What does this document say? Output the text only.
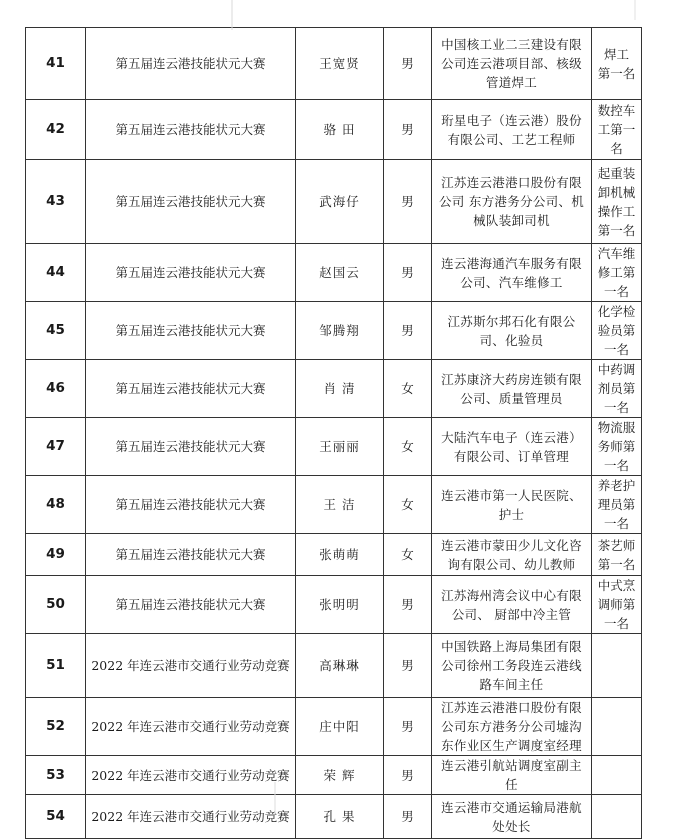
41	第五届连云港技能状元大赛	王宽贤	男	中国核工业二三建设有限公司连云港项目部、核级管道焊工	焊工 第一名
42	第五届连云港技能状元大赛	骆 田	男	珩星电子（连云港）股份有限公司、工艺工程师	数控车工第一名
43	第五届连云港技能状元大赛	武海仔	男	江苏连云港港口股份有限公司 东方港务分公司、机械队装卸司机	起重装卸机械操作工 第一名
44	第五届连云港技能状元大赛	赵国云	男	连云港海通汽车服务有限公司、汽车维修工	汽车维修工第一名
45	第五届连云港技能状元大赛	邹腾翔	男	江苏斯尔邦石化有限公司、化验员	化学检验员第一名
46	第五届连云港技能状元大赛	肖 清	女	江苏康济大药房连锁有限公司、质量管理员	中药调剂员第一名
47	第五届连云港技能状元大赛	王丽丽	女	大陆汽车电子（连云港）有限公司、订单管理	物流服务师第一名
48	第五届连云港技能状元大赛	王 洁	女	连云港市第一人民医院、护士	养老护理员第一名
49	第五届连云港技能状元大赛	张萌萌	女	连云港市蒙田少儿文化咨询有限公司、幼儿教师	茶艺师 第一名
50	第五届连云港技能状元大赛	张明明	男	江苏海州湾会议中心有限公司、 厨部中冷主管	中式烹调师第一名
51	2022 年连云港市交通行业劳动竞赛	高琳琳	男	中国铁路上海局集团有限公司徐州工务段连云港线路车间主任	
52	2022 年连云港市交通行业劳动竞赛	庄中阳	男	江苏连云港港口股份有限公司东方港务分公司墟沟东作业区生产调度室经理	
53	2022 年连云港市交通行业劳动竞赛	荣 辉	男	连云港引航站调度室副主任	
54	2022 年连云港市交通行业劳动竞赛	孔 果	男	连云港市交通运输局港航处处长	
